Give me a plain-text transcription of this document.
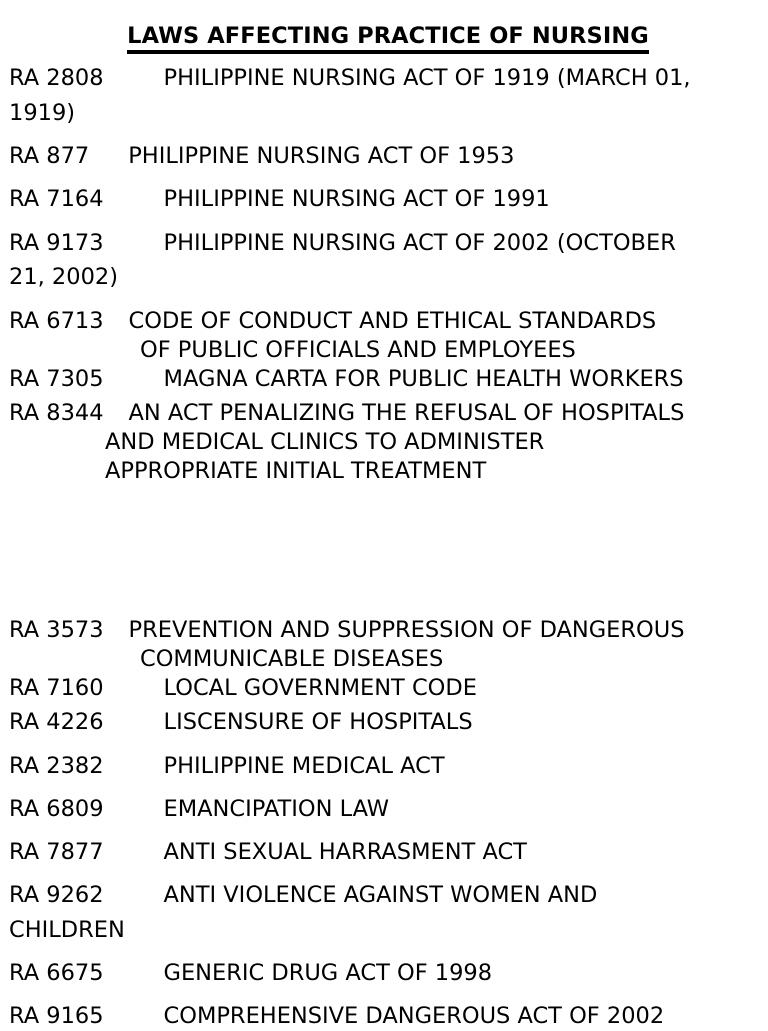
LAWS AFFECTING PRACTICE OF NURSING
RA 2808	PHILIPPINE NURSING ACT OF 1919 (MARCH 01,
1919)
RA 877 PHILIPPINE NURSING ACT OF 1953
RA 7164	PHILIPPINE NURSING ACT OF 1991
RA 9173	PHILIPPINE NURSING ACT OF 2002 (OCTOBER
21, 2002)
RA 6713 CODE OF CONDUCT AND ETHICAL STANDARDS
OF PUBLIC OFFICIALS AND EMPLOYEES
RA 7305	MAGNA CARTA FOR PUBLIC HEALTH WORKERS
RA 8344 AN ACT PENALIZING THE REFUSAL OF HOSPITALS
AND MEDICAL CLINICS TO ADMINISTER
APPROPRIATE INITIAL TREATMENT
RA 3573 PREVENTION AND SUPPRESSION OF DANGEROUS
COMMUNICABLE DISEASES
RA 7160	LOCAL GOVERNMENT CODE
RA 4226	LISCENSURE OF HOSPITALS
RA 2382	PHILIPPINE MEDICAL ACT
RA 6809	EMANCIPATION LAW
RA 7877	ANTI SEXUAL HARRASMENT ACT
RA 9262	ANTI VIOLENCE AGAINST WOMEN AND
CHILDREN
RA 6675	GENERIC DRUG ACT OF 1998
RA 9165	COMPREHENSIVE DANGEROUS ACT OF 2002
